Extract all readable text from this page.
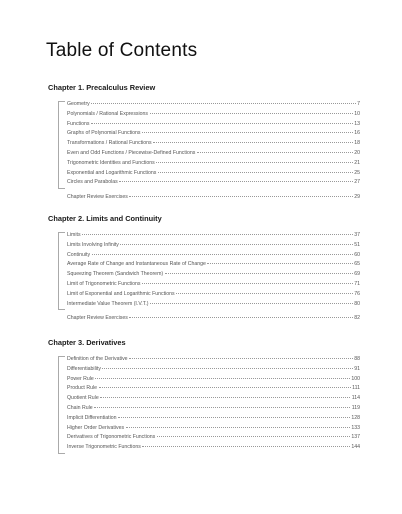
Table of Contents
Chapter 1. Precalculus Review
Geometry	7
Polynomials / Rational Expressions	10
Functions	13
Graphs of Polynomial Functions	16
Transformations / Rational Functions	18
Even and Odd Functions / Piecewise-Defined Functions	20
Trigonometric Identities and Functions	21
Exponential and Logarithmic Functions	25
Circles and Parabolas	27
Chapter Review Exercises	29
Chapter 2. Limits and Continuity
Limits	37
Limits Involving Infinity	51
Continuity	60
Average Rate of Change and Instantaneous Rate of Change	65
Squeezing Theorem (Sandwich Theorem)	69
Limit of Trigonometric Functions	71
Limit of Exponential and Logarithmic Functions	76
Intermediate Value Theorem (I.V.T.)	80
Chapter Review Exercises	82
Chapter 3. Derivatives
Definition of the Derivative	88
Differentiability	91
Power Rule	100
Product Rule	111
Quotient Rule	114
Chain Rule	119
Implicit Differentiation	128
Higher Order Derivatives	133
Derivatives of Trigonometric Functions	137
Inverse Trigonometric Functions	144
